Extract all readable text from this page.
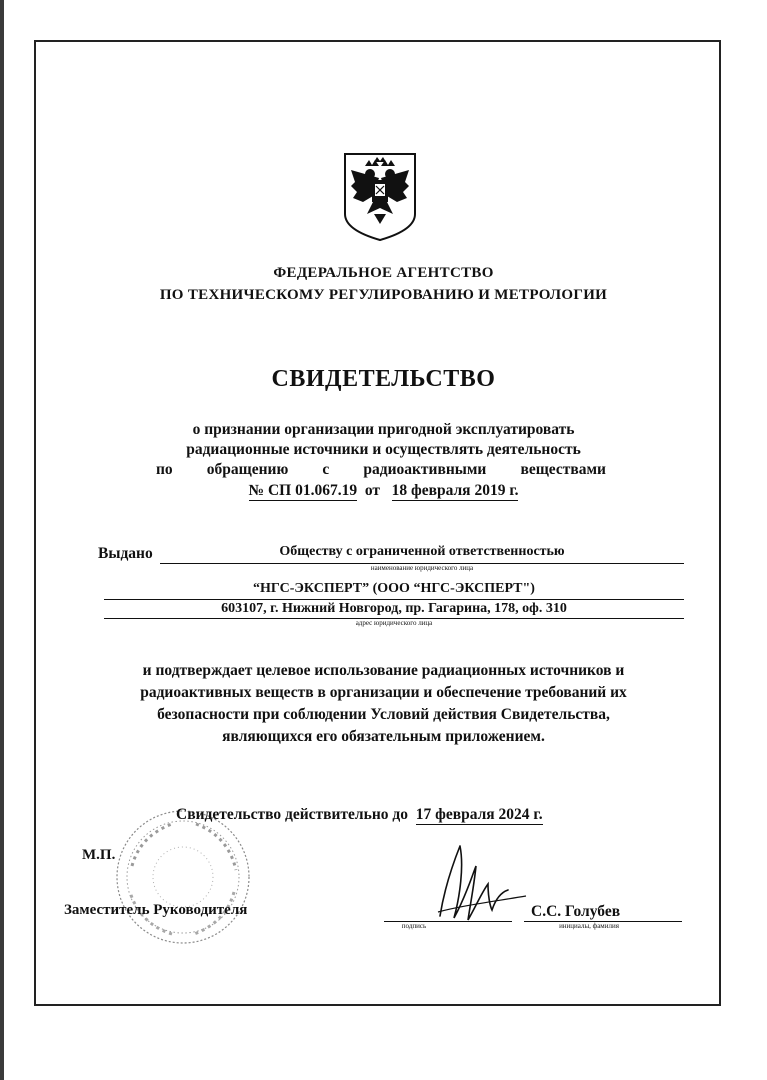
ФЕДЕРАЛЬНОЕ АГЕНТСТВО
ПО ТЕХНИЧЕСКОМУ РЕГУЛИРОВАНИЮ И МЕТРОЛОГИИ
СВИДЕТЕЛЬСТВО
о признании организации пригодной эксплуатировать
радиационные источники и осуществлять деятельность
по обращению с радиоактивными веществами
№ СП 01.067.19 от 18 февраля 2019 г.
Выдано	Обществу с ограниченной ответственностью
наименование юридического лица
“НГС-ЭКСПЕРТ” (ООО “НГС-ЭКСПЕРТ")
603107, г. Нижний Новгород, пр. Гагарина, 178, оф. 310
адрес юридического лица
и подтверждает целевое использование радиационных источников и
радиоактивных веществ в организации и обеспечение требований их
безопасности при соблюдении Условий действия Свидетельства,
являющихся его обязательным приложением.
Свидетельство действительно до 17 февраля 2024 г.
М.П.
Заместитель Руководителя
подпись
С.С. Голубев
инициалы, фамилия
